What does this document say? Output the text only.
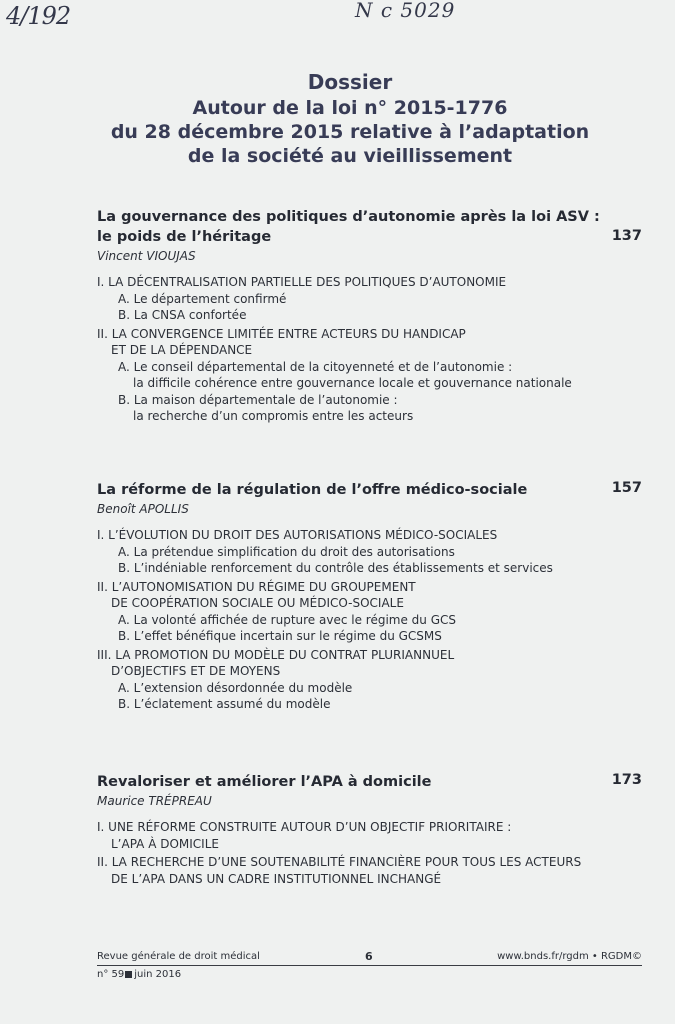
4/192	N c 5029
Dossier
Autour de la loi n° 2015-1776
du 28 décembre 2015 relative à l’adaptation
de la société au vieillissement
La gouvernance des politiques d’autonomie après la loi ASV :
le poids de l’héritage	137
Vincent VIOUJAS
I. LA DÉCENTRALISATION PARTIELLE DES POLITIQUES D’AUTONOMIE
A. Le département confirmé
B. La CNSA confortée
II. LA CONVERGENCE LIMITÉE ENTRE ACTEURS DU HANDICAP
ET DE LA DÉPENDANCE
A. Le conseil départemental de la citoyenneté et de l’autonomie :
la difficile cohérence entre gouvernance locale et gouvernance nationale
B. La maison départementale de l’autonomie :
la recherche d’un compromis entre les acteurs
La réforme de la régulation de l’offre médico-sociale	157
Benoît APOLLIS
I. L’ÉVOLUTION DU DROIT DES AUTORISATIONS MÉDICO-SOCIALES
A. La prétendue simplification du droit des autorisations
B. L’indéniable renforcement du contrôle des établissements et services
II. L’AUTONOMISATION DU RÉGIME DU GROUPEMENT
DE COOPÉRATION SOCIALE OU MÉDICO-SOCIALE
A. La volonté affichée de rupture avec le régime du GCS
B. L’effet bénéfique incertain sur le régime du GCSMS
III. LA PROMOTION DU MODÈLE DU CONTRAT PLURIANNUEL
D’OBJECTIFS ET DE MOYENS
A. L’extension désordonnée du modèle
B. L’éclatement assumé du modèle
Revaloriser et améliorer l’APA à domicile	173
Maurice TRÉPREAU
I. UNE RÉFORME CONSTRUITE AUTOUR D’UN OBJECTIF PRIORITAIRE :
L’APA À DOMICILE
II. LA RECHERCHE D’UNE SOUTENABILITÉ FINANCIÈRE POUR TOUS LES ACTEURS
DE L’APA DANS UN CADRE INSTITUTIONNEL INCHANGÉ
Revue générale de droit médical	6	www.bnds.fr/rgdm • RGDM©
n° 59 juin 2016
